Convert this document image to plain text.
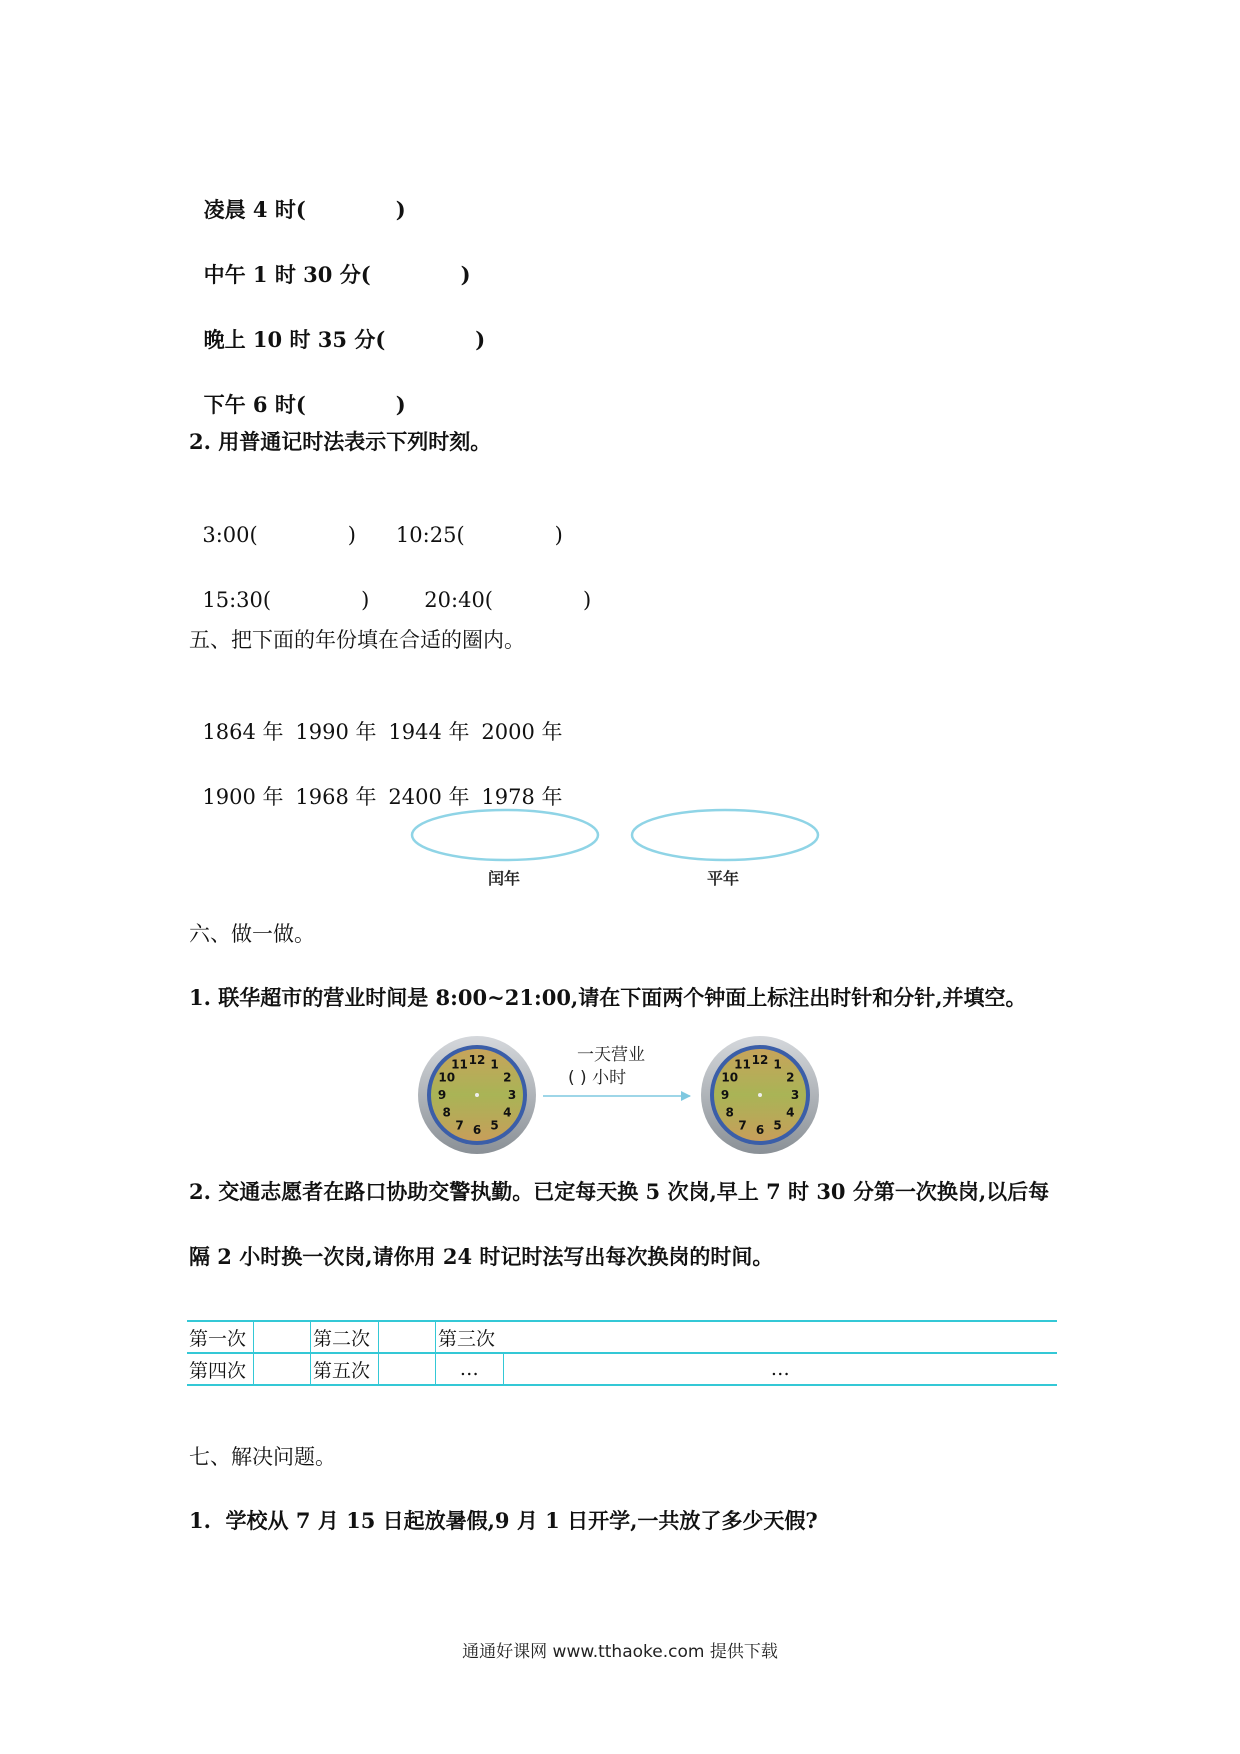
凌晨 4 时(	)

中午 1 时 30 分(	)

晚上 10 时 35 分(	)

下午 6 时(	)

2. 用普通记时法表示下列时刻。

3:00(	) 10:25(	)

15:30(	)	20:40(	)

五、把下面的年份填在合适的圈内。

1864 年 1990 年 1944 年 2000 年

1900 年 1968 年 2400 年 1978 年

闰年	平年
六、做一做。
1. 联华超市的营业时间是 8:00~21:00,请在下面两个钟面上标注出时针和分针,并填空。
12 1
2
3
4
5
6
7
8
9
10
11	12 1
2
3
4
5
6
7
8
9
10
11
一天营业
( ) 小时
2. 交通志愿者在路口协助交警执勤。已定每天换 5 次岗,早上 7 时 30 分第一次换岗,以后每
隔 2 小时换一次岗,请你用 24 时记时法写出每次换岗的时间。
第一次		第二次		第三次	
第四次		第五次		…	…
七、解决问题。
1.  学校从 7 月 15 日起放暑假,9 月 1 日开学,一共放了多少天假?
通通好课网 www.tthaoke.com 提供下载
